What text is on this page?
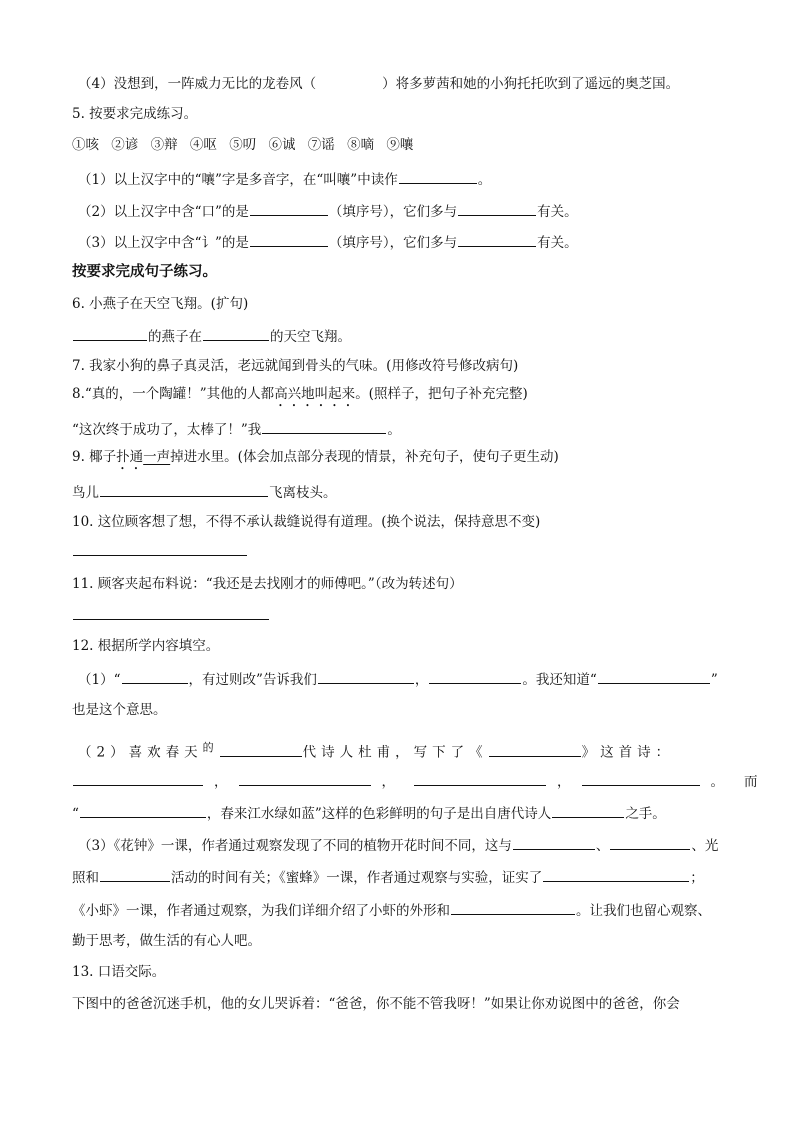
（4）没想到，一阵威力无比的龙卷风（	）将多萝茜和她的小狗托托吹到了遥远的奥芝国。
5. 按要求完成练习。
①咳 ②谚 ③辩 ④呕 ⑤叨 ⑥诚 ⑦谣 ⑧嘀 ⑨嚷
（1）以上汉字中的“嚷”字是多音字，在“叫嚷”中读作	。
（2）以上汉字中含“口”的是	（填序号），它们多与	有关。
（3）以上汉字中含“讠”的是	（填序号），它们多与	有关。
按要求完成句子练习。
6. 小燕子在天空飞翔。(扩句)
的燕子在	的天空飞翔。
7. 我家小狗的鼻子真灵活，老远就闻到骨头的气味。(用修改符号修改病句)
8.“真的，一个陶罐！”其他的人都高兴地叫起来。(照样子，把句子补充完整)
“这次终于成功了，太棒了！”我	。
9. 椰子扑通一声掉进水里。(体会加点部分表现的情景，补充句子，使句子更生动)
鸟儿	飞离枝头。
10. 这位顾客想了想，不得不承认裁缝说得有道理。(换个说法，保持意思不变)
11. 顾客夹起布料说：“我还是去找刚才的师傅吧。”（改为转述句）
12. 根据所学内容填空。
（1）“	，有过则改”告诉我们	，	。我还知道“	”
也是这个意思。
（2）喜欢春天$^的$	代诗人杜甫，写下了《	》这首诗：
，	，	，	。 而
“	，春来江水绿如蓝”这样的色彩鲜明的句子是出自唐代诗人	之手。
（3）《花钟》一课，作者通过观察发现了不同的植物开花时间不同，这与	、	、光
照和	活动的时间有关；《蜜蜂》一课，作者通过观察与实验，证实了	；
《小虾》一课，作者通过观察，为我们详细介绍了小虾的外形和	。让我们也留心观察、
勤于思考，做生活的有心人吧。
13. 口语交际。
下图中的爸爸沉迷手机，他的女儿哭诉着：“爸爸，你不能不管我呀！”如果让你劝说图中的爸爸，你会
